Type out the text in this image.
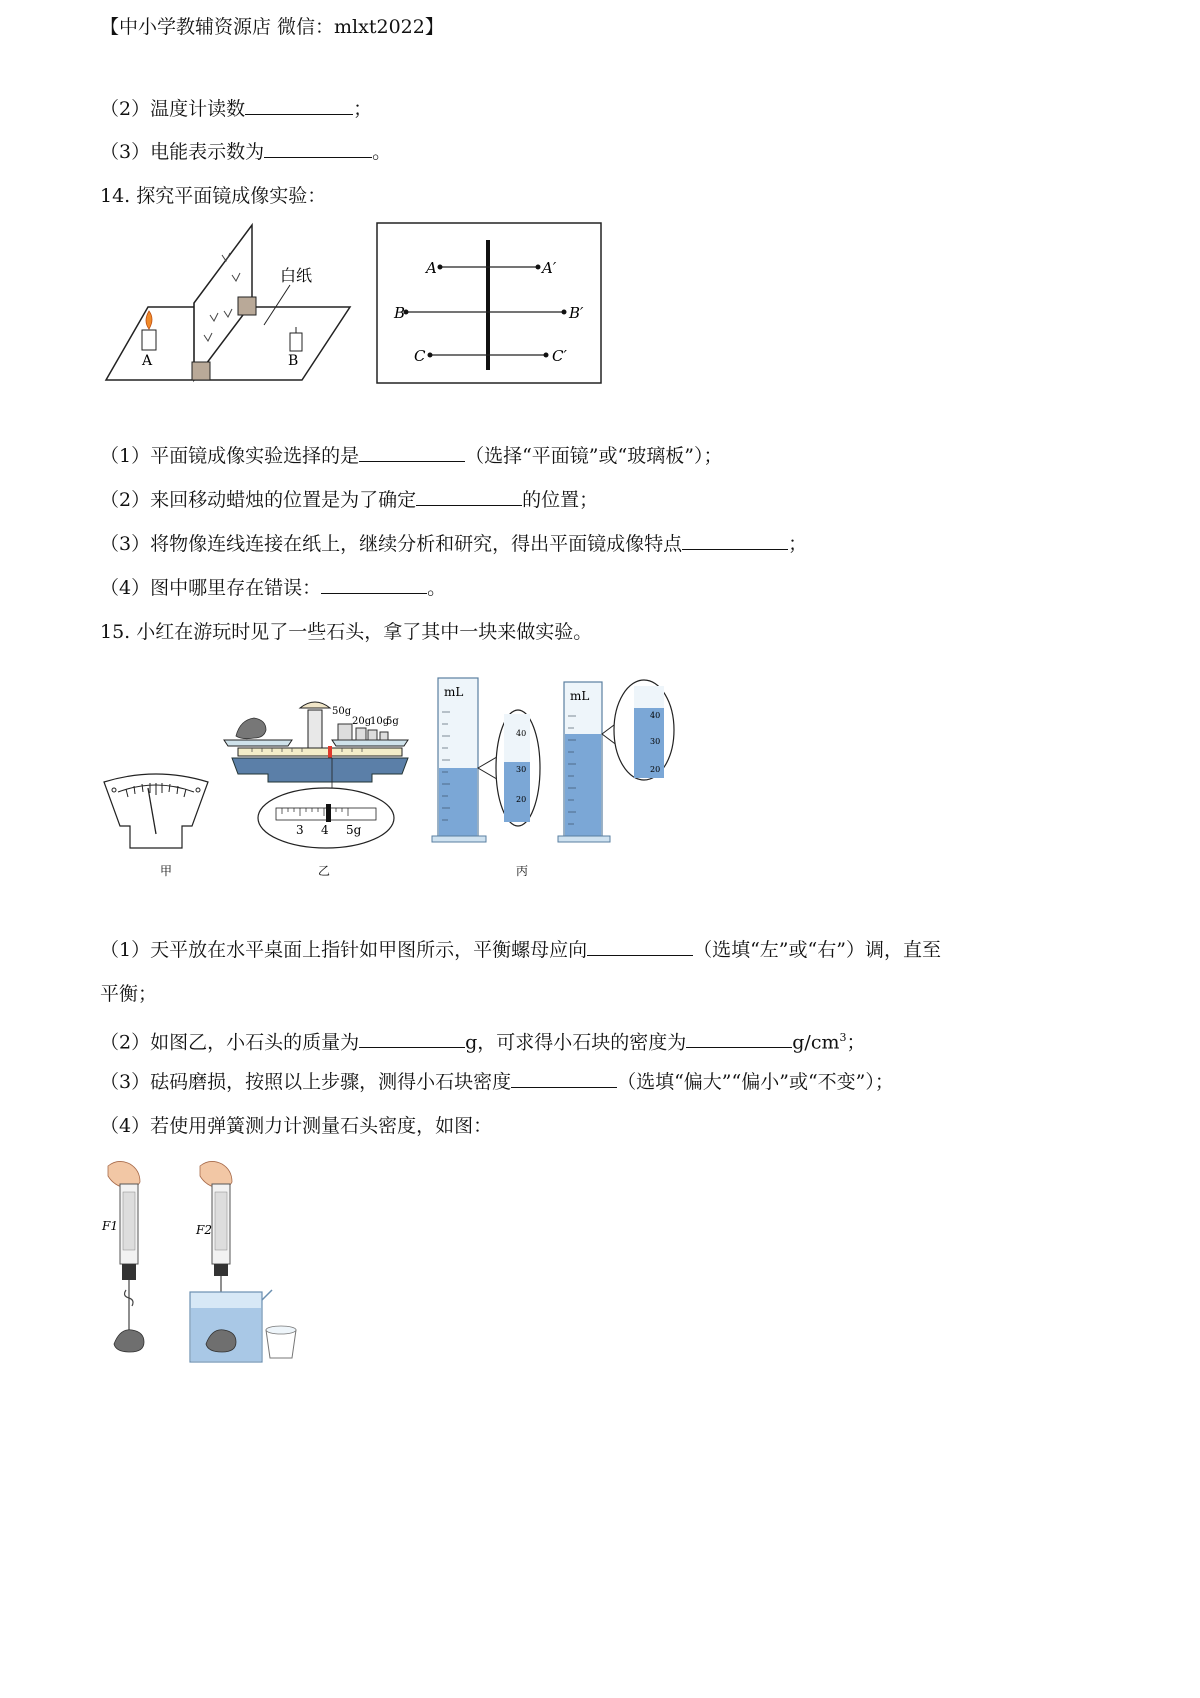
【中小学教辅资源店 微信：mlxt2022】
（2）温度计读数	；
（3）电能表示数为	。
14. 探究平面镜成像实验：
白纸
A	B
A	A′
B	B′
C	C′
（1）平面镜成像实验选择的是	（选择“平面镜”或“玻璃板”）；
（2）来回移动蜡烛的位置是为了确定	的位置；
（3）将物像连线连接在纸上，继续分析和研究，得出平面镜成像特点	；
（4）图中哪里存在错误：	。
15. 小红在游玩时见了一些石头，拿了其中一块来做实验。
甲
50g
20g
10g
5g
3 4 5g
乙
mL
40
30
20
mL
40
30
20
丙
（1）天平放在水平桌面上指针如甲图所示，平衡螺母应向	（选填“左”或“右”）调，直至
平衡；
（2）如图乙，小石头的质量为	g，可求得小石块的密度为	$g/cm^3$；
（3）砝码磨损，按照以上步骤，测得小石块密度	（选填“偏大”“偏小”或“不变”）；
（4）若使用弹簧测力计测量石头密度，如图：
F1	F2
